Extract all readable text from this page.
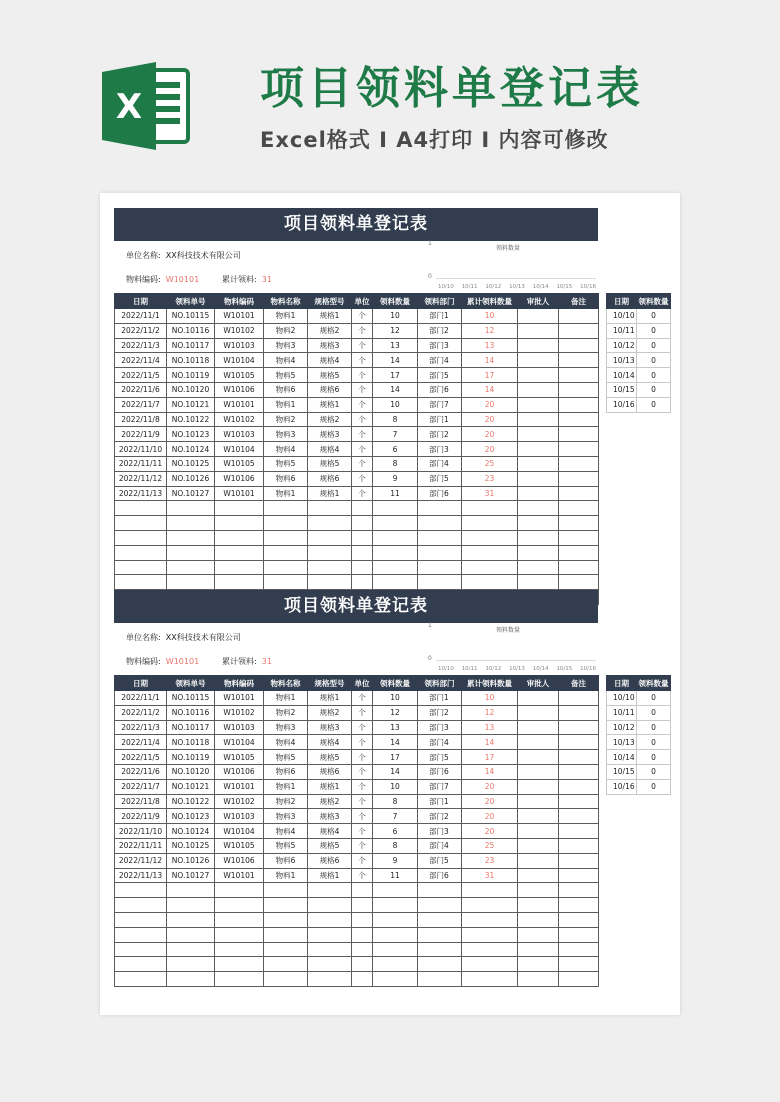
X	项目领料单登记表
Excel格式 I A4打印 I 内容可修改
项目领料单登记表
单位名称: XX科技技术有限公司
物料编码: W10101	累计领料: 31
领料数量
1
0
10/10 10/11 10/12 10/13 10/14 10/15 10/16
日期	领料单号	物料编码	物料名称	规格型号	单位	领料数量	领料部门	累计领料数量	审批人	备注
2022/11/1	NO.10115	W10101	物料1	规格1	个	10	部门1	10		
2022/11/2	NO.10116	W10102	物料2	规格2	个	12	部门2	12		
2022/11/3	NO.10117	W10103	物料3	规格3	个	13	部门3	13		
2022/11/4	NO.10118	W10104	物料4	规格4	个	14	部门4	14		
2022/11/5	NO.10119	W10105	物料5	规格5	个	17	部门5	17		
2022/11/6	NO.10120	W10106	物料6	规格6	个	14	部门6	14		
2022/11/7	NO.10121	W10101	物料1	规格1	个	10	部门7	20		
2022/11/8	NO.10122	W10102	物料2	规格2	个	8	部门1	20		
2022/11/9	NO.10123	W10103	物料3	规格3	个	7	部门2	20		
2022/11/10	NO.10124	W10104	物料4	规格4	个	6	部门3	20		
2022/11/11	NO.10125	W10105	物料5	规格5	个	8	部门4	25		
2022/11/12	NO.10126	W10106	物料6	规格6	个	9	部门5	23		
2022/11/13	NO.10127	W10101	物料1	规格1	个	11	部门6	31		

日期	领料数量
10/10	0
10/11	0
10/12	0
10/13	0
10/14	0
10/15	0
10/16	0
项目领料单登记表
单位名称: XX科技技术有限公司
物料编码: W10101	累计领料: 31
领料数量
1
0
10/10 10/11 10/12 10/13 10/14 10/15 10/16
日期	领料单号	物料编码	物料名称	规格型号	单位	领料数量	领料部门	累计领料数量	审批人	备注
2022/11/1	NO.10115	W10101	物料1	规格1	个	10	部门1	10		
2022/11/2	NO.10116	W10102	物料2	规格2	个	12	部门2	12		
2022/11/3	NO.10117	W10103	物料3	规格3	个	13	部门3	13		
2022/11/4	NO.10118	W10104	物料4	规格4	个	14	部门4	14		
2022/11/5	NO.10119	W10105	物料5	规格5	个	17	部门5	17		
2022/11/6	NO.10120	W10106	物料6	规格6	个	14	部门6	14		
2022/11/7	NO.10121	W10101	物料1	规格1	个	10	部门7	20		
2022/11/8	NO.10122	W10102	物料2	规格2	个	8	部门1	20		
2022/11/9	NO.10123	W10103	物料3	规格3	个	7	部门2	20		
2022/11/10	NO.10124	W10104	物料4	规格4	个	6	部门3	20		
2022/11/11	NO.10125	W10105	物料5	规格5	个	8	部门4	25		
2022/11/12	NO.10126	W10106	物料6	规格6	个	9	部门5	23		
2022/11/13	NO.10127	W10101	物料1	规格1	个	11	部门6	31		

日期	领料数量
10/10	0
10/11	0
10/12	0
10/13	0
10/14	0
10/15	0
10/16	0
